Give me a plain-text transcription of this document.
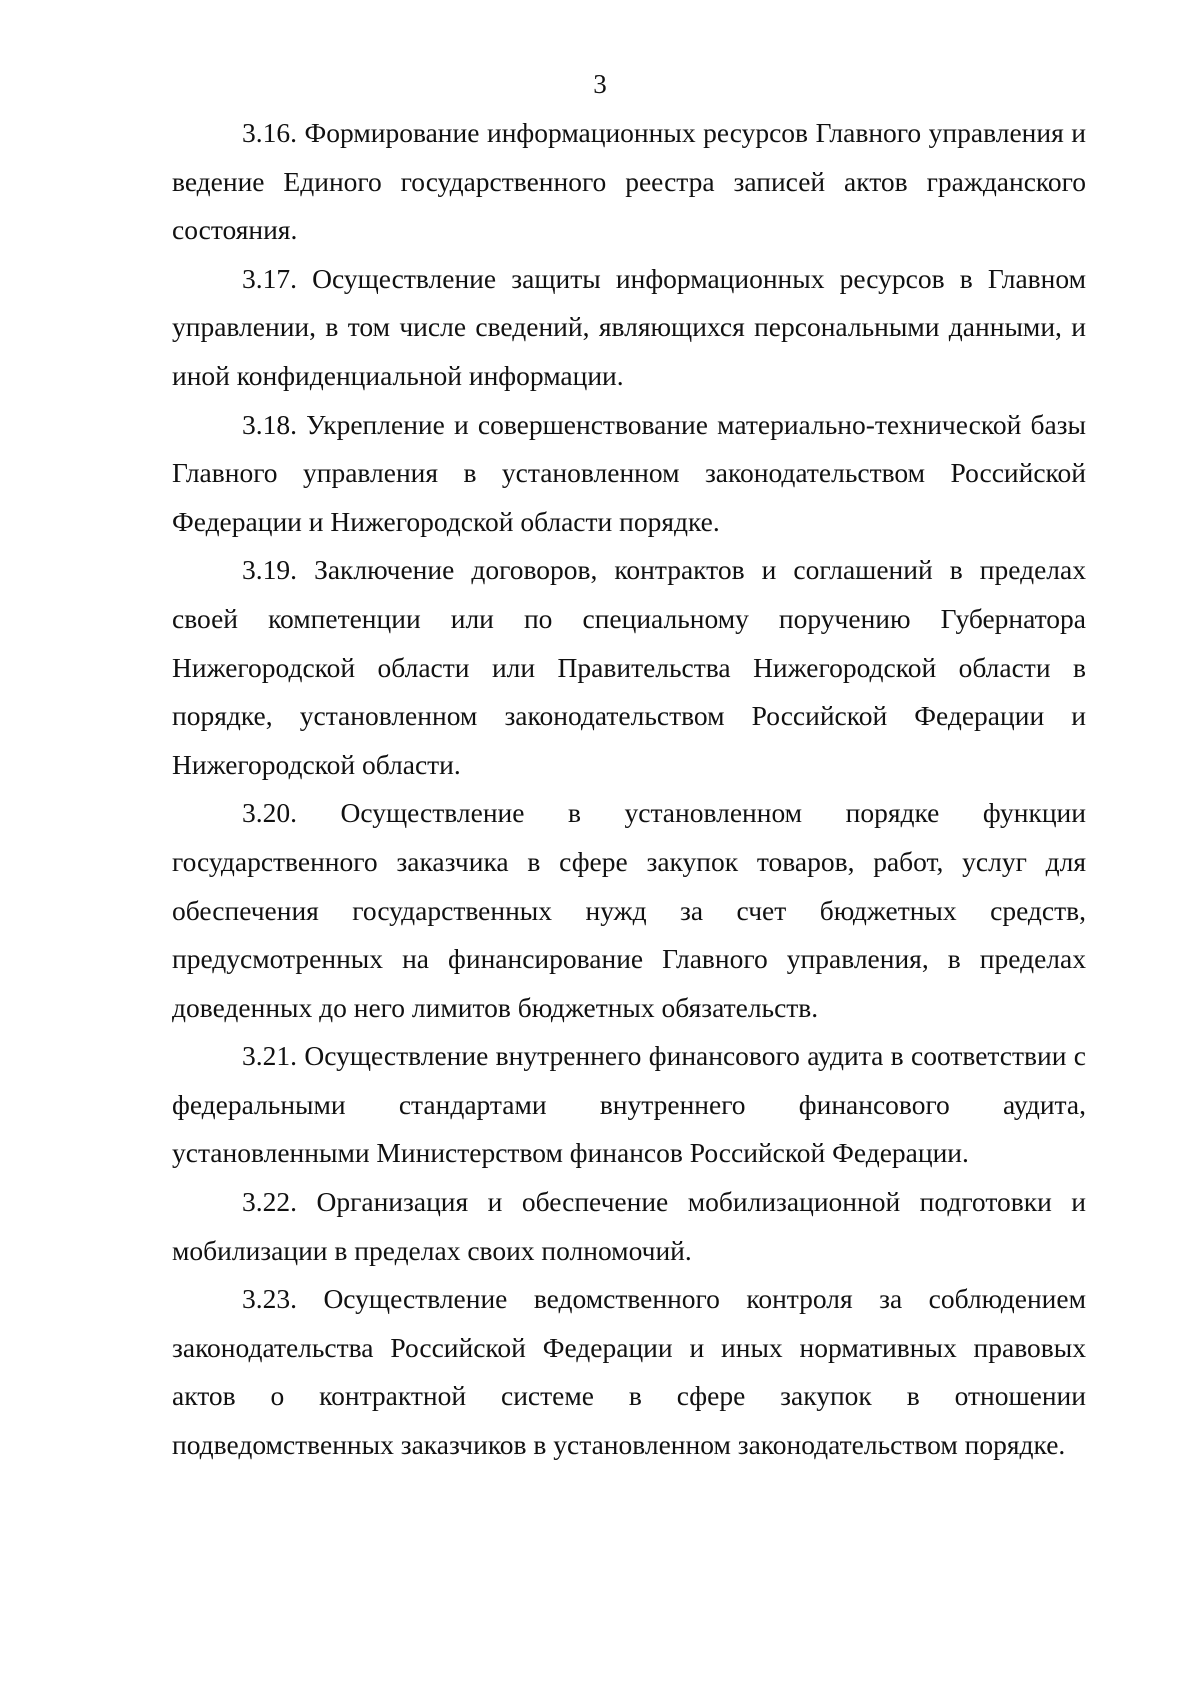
3

3.16. Формирование информационных ресурсов Главного управления и ведение Единого государственного реестра записей актов гражданского состояния.

3.17. Осуществление защиты информационных ресурсов в Главном управлении, в том числе сведений, являющихся персональными данными, и иной конфиденциальной информации.

3.18. Укрепление и совершенствование материально-технической базы Главного управления в установленном законодательством Российской Федерации и Нижегородской области порядке.

3.19. Заключение договоров, контрактов и соглашений в пределах своей компетенции или по специальному поручению Губернатора Нижегородской области или Правительства Нижегородской области в порядке, установленном законодательством Российской Федерации и Нижегородской области.

3.20. Осуществление в установленном порядке функции государственного заказчика в сфере закупок товаров, работ, услуг для обеспечения государственных нужд за счет бюджетных средств, предусмотренных на финансирование Главного управления, в пределах доведенных до него лимитов бюджетных обязательств.

3.21. Осуществление внутреннего финансового аудита в соответствии с федеральными стандартами внутреннего финансового аудита, установленными Министерством финансов Российской Федерации.

3.22. Организация и обеспечение мобилизационной подготовки и мобилизации в пределах своих полномочий.

3.23. Осуществление ведомственного контроля за соблюдением законодательства Российской Федерации и иных нормативных правовых актов о контрактной системе в сфере закупок в отношении подведомственных заказчиков в установленном законодательством порядке.
